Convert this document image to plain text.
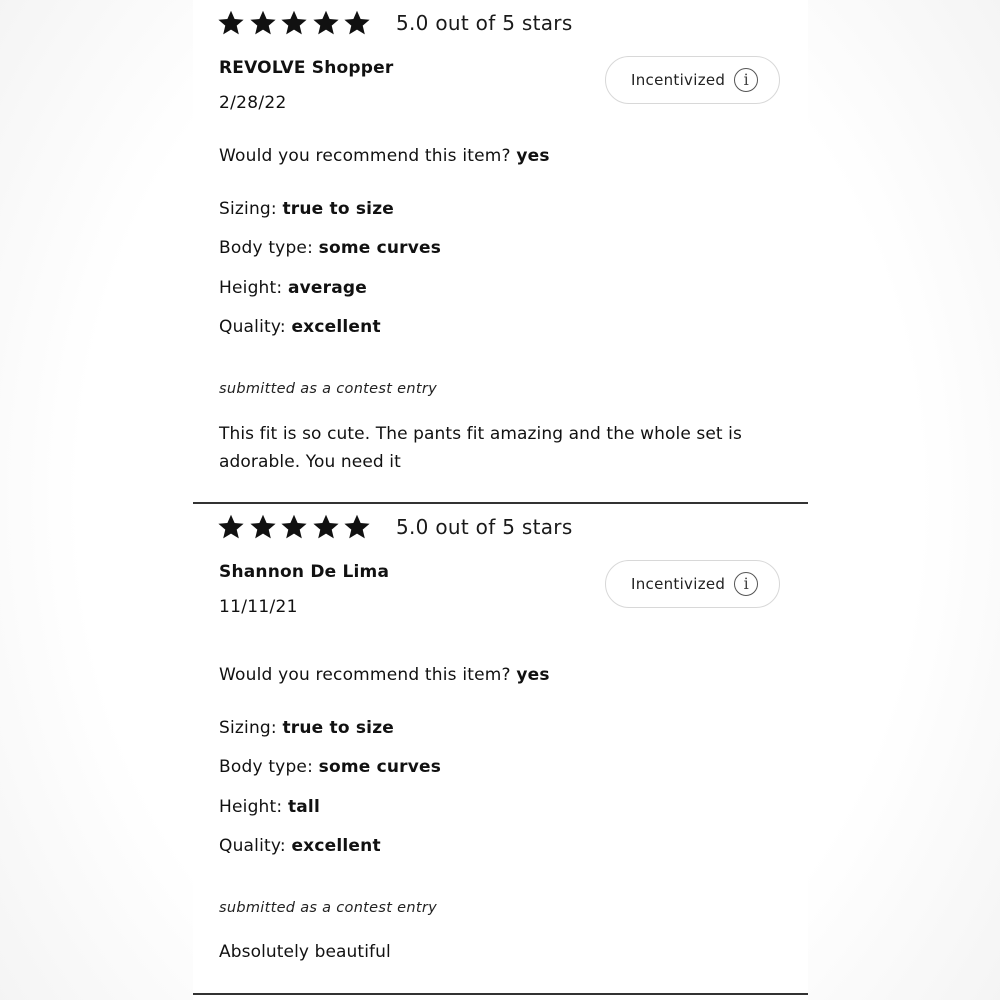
5.0 out of 5 stars
REVOLVE Shopper
2/28/22
Incentivized	i
Would you recommend this item? yes
Sizing: true to size
Body type: some curves
Height: average
Quality: excellent
submitted as a contest entry
This fit is so cute. The pants fit amazing and the whole set is adorable. You need it
5.0 out of 5 stars
Shannon De Lima
11/11/21
Incentivized	i
Would you recommend this item? yes
Sizing: true to size
Body type: some curves
Height: tall
Quality: excellent
submitted as a contest entry
Absolutely beautiful
